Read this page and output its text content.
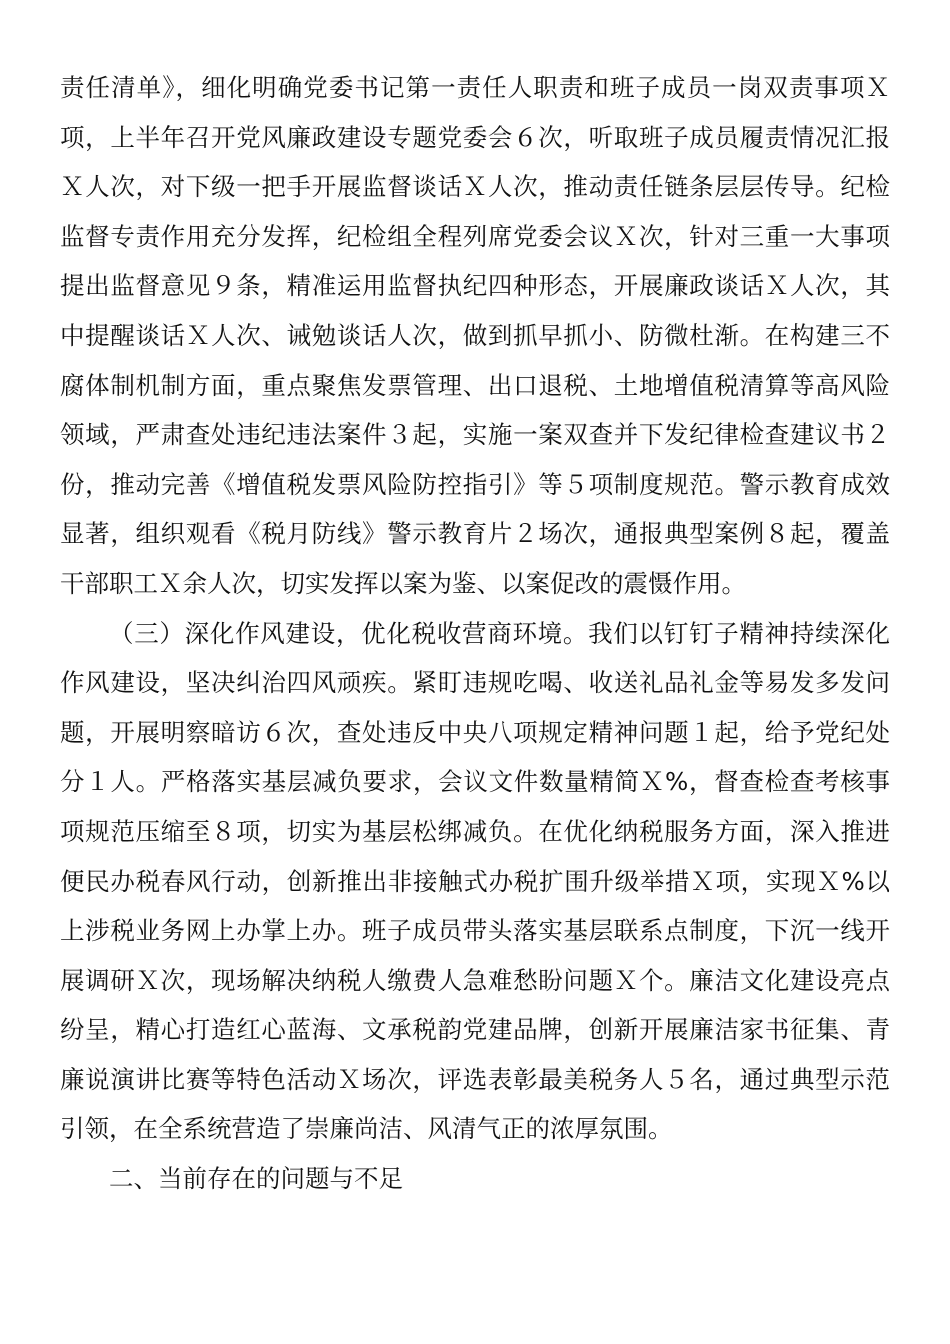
责任清单》，细化明确党委书记第一责任人职责和班子成员一岗双责事项Ｘ
项，上半年召开党风廉政建设专题党委会６次，听取班子成员履责情况汇报
Ｘ人次，对下级一把手开展监督谈话Ｘ人次，推动责任链条层层传导。纪检
监督专责作用充分发挥，纪检组全程列席党委会议Ｘ次，针对三重一大事项
提出监督意见９条，精准运用监督执纪四种形态，开展廉政谈话Ｘ人次，其
中提醒谈话Ｘ人次、诫勉谈话人次，做到抓早抓小、防微杜渐。在构建三不
腐体制机制方面，重点聚焦发票管理、出口退税、土地增值税清算等高风险
领域，严肃查处违纪违法案件３起，实施一案双查并下发纪律检查建议书２
份，推动完善《增值税发票风险防控指引》等５项制度规范。警示教育成效
显著，组织观看《税月防线》警示教育片２场次，通报典型案例８起，覆盖
干部职工Ｘ余人次，切实发挥以案为鉴、以案促改的震慑作用。
（三）深化作风建设，优化税收营商环境。我们以钉钉子精神持续深化
作风建设，坚决纠治四风顽疾。紧盯违规吃喝、收送礼品礼金等易发多发问
题，开展明察暗访６次，查处违反中央八项规定精神问题１起，给予党纪处
分１人。严格落实基层减负要求，会议文件数量精简Ｘ%，督查检查考核事
项规范压缩至８项，切实为基层松绑减负。在优化纳税服务方面，深入推进
便民办税春风行动，创新推出非接触式办税扩围升级举措Ｘ项，实现Ｘ%以
上涉税业务网上办掌上办。班子成员带头落实基层联系点制度，下沉一线开
展调研Ｘ次，现场解决纳税人缴费人急难愁盼问题Ｘ个。廉洁文化建设亮点
纷呈，精心打造红心蓝海、文承税韵党建品牌，创新开展廉洁家书征集、青
廉说演讲比赛等特色活动Ｘ场次，评选表彰最美税务人５名，通过典型示范
引领，在全系统营造了崇廉尚洁、风清气正的浓厚氛围。
二、当前存在的问题与不足
